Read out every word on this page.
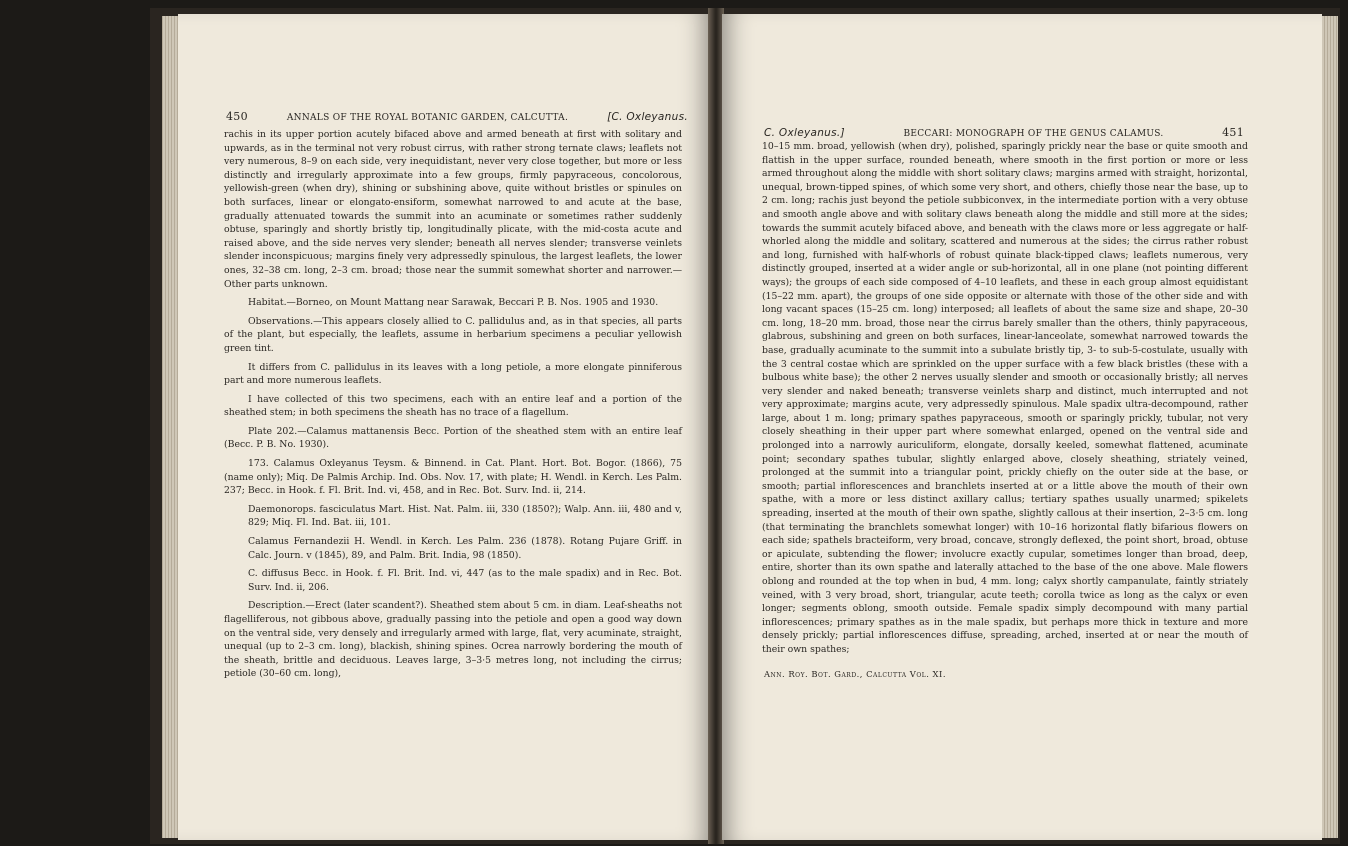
450	ANNALS OF THE ROYAL BOTANIC GARDEN, CALCUTTA.	[C. Oxleyanus.

rachis in its upper portion acutely bifaced above and armed beneath at first with solitary and upwards, as in the terminal not very robust cirrus, with rather strong ternate claws; leaflets not very numerous, 8–9 on each side, very inequidistant, never very close together, but more or less distinctly and irregularly approximate into a few groups, firmly papyraceous, concolorous, yellowish-green (when dry), shining or subshining above, quite without bristles or spinules on both surfaces, linear or elongato-ensiform, somewhat narrowed to and acute at the base, gradually attenuated towards the summit into an acuminate or sometimes rather suddenly obtuse, sparingly and shortly bristly tip, longitudinally plicate, with the mid-costa acute and raised above, and the side nerves very slender; beneath all nerves slender; transverse veinlets slender inconspicuous; margins finely very adpressedly spinulous, the largest leaflets, the lower ones, 32–38 cm. long, 2–3 cm. broad; those near the summit somewhat shorter and narrower.—Other parts unknown.

Habitat.—Borneo, on Mount Mattang near Sarawak, Beccari P. B. Nos. 1905 and 1930.

Observations.—This appears closely allied to C. pallidulus and, as in that species, all parts of the plant, but especially, the leaflets, assume in herbarium specimens a peculiar yellowish green tint.

It differs from C. pallidulus in its leaves with a long petiole, a more elongate pinniferous part and more numerous leaflets.

I have collected of this two specimens, each with an entire leaf and a portion of the sheathed stem; in both specimens the sheath has no trace of a flagellum.

Plate 202.—Calamus mattanensis Becc. Portion of the sheathed stem with an entire leaf (Becc. P. B. No. 1930).

173. Calamus Oxleyanus Teysm. & Binnend. in Cat. Plant. Hort. Bot. Bogor. (1866), 75 (name only); Miq. De Palmis Archip. Ind. Obs. Nov. 17, with plate; H. Wendl. in Kerch. Les Palm. 237; Becc. in Hook. f. Fl. Brit. Ind. vi, 458, and in Rec. Bot. Surv. Ind. ii, 214.

Daemonorops. fasciculatus Mart. Hist. Nat. Palm. iii, 330 (1850?); Walp. Ann. iii, 480 and v, 829; Miq. Fl. Ind. Bat. iii, 101.

Calamus Fernandezii H. Wendl. in Kerch. Les Palm. 236 (1878). Rotang Pujare Griff. in Calc. Journ. v (1845), 89, and Palm. Brit. India, 98 (1850).

C. diffusus Becc. in Hook. f. Fl. Brit. Ind. vi, 447 (as to the male spadix) and in Rec. Bot. Surv. Ind. ii, 206.

Description.—Erect (later scandent?). Sheathed stem about 5 cm. in diam. Leaf-sheaths not flagelliferous, not gibbous above, gradually passing into the petiole and open a good way down on the ventral side, very densely and irregularly armed with large, flat, very acuminate, straight, unequal (up to 2–3 cm. long), blackish, shining spines. Ocrea narrowly bordering the mouth of the sheath, brittle and deciduous. Leaves large, 3–3·5 metres long, not including the cirrus; petiole (30–60 cm. long),

C. Oxleyanus.]	BECCARI: MONOGRAPH OF THE GENUS CALAMUS.	451

10–15 mm. broad, yellowish (when dry), polished, sparingly prickly near the base or quite smooth and flattish in the upper surface, rounded beneath, where smooth in the first portion or more or less armed throughout along the middle with short solitary claws; margins armed with straight, horizontal, unequal, brown-tipped spines, of which some very short, and others, chiefly those near the base, up to 2 cm. long; rachis just beyond the petiole subbiconvex, in the intermediate portion with a very obtuse and smooth angle above and with solitary claws beneath along the middle and still more at the sides; towards the summit acutely bifaced above, and beneath with the claws more or less aggregate or half-whorled along the middle and solitary, scattered and numerous at the sides; the cirrus rather robust and long, furnished with half-whorls of robust quinate black-tipped claws; leaflets numerous, very distinctly grouped, inserted at a wider angle or sub-horizontal, all in one plane (not pointing different ways); the groups of each side composed of 4–10 leaflets, and these in each group almost equidistant (15–22 mm. apart), the groups of one side opposite or alternate with those of the other side and with long vacant spaces (15–25 cm. long) interposed; all leaflets of about the same size and shape, 20–30 cm. long, 18–20 mm. broad, those near the cirrus barely smaller than the others, thinly papyraceous, glabrous, subshining and green on both surfaces, linear-lanceolate, somewhat narrowed towards the base, gradually acuminate to the summit into a subulate bristly tip, 3- to sub-5-costulate, usually with the 3 central costae which are sprinkled on the upper surface with a few black bristles (these with a bulbous white base); the other 2 nerves usually slender and smooth or occasionally bristly; all nerves very slender and naked beneath; transverse veinlets sharp and distinct, much interrupted and not very approximate; margins acute, very adpressedly spinulous. Male spadix ultra-decompound, rather large, about 1 m. long; primary spathes papyraceous, smooth or sparingly prickly, tubular, not very closely sheathing in their upper part where somewhat enlarged, opened on the ventral side and prolonged into a narrowly auriculiform, elongate, dorsally keeled, somewhat flattened, acuminate point; secondary spathes tubular, slightly enlarged above, closely sheathing, striately veined, prolonged at the summit into a triangular point, prickly chiefly on the outer side at the base, or smooth; partial inflorescences and branchlets inserted at or a little above the mouth of their own spathe, with a more or less distinct axillary callus; tertiary spathes usually unarmed; spikelets spreading, inserted at the mouth of their own spathe, slightly callous at their insertion, 2–3·5 cm. long (that terminating the branchlets somewhat longer) with 10–16 horizontal flatly bifarious flowers on each side; spathels bracteiform, very broad, concave, strongly deflexed, the point short, broad, obtuse or apiculate, subtending the flower; involucre exactly cupular, sometimes longer than broad, deep, entire, shorter than its own spathe and laterally attached to the base of the one above. Male flowers oblong and rounded at the top when in bud, 4 mm. long; calyx shortly campanulate, faintly striately veined, with 3 very broad, short, triangular, acute teeth; corolla twice as long as the calyx or even longer; segments oblong, smooth outside. Female spadix simply decompound with many partial inflorescences; primary spathes as in the male spadix, but perhaps more thick in texture and more densely prickly; partial inflorescences diffuse, spreading, arched, inserted at or near the mouth of their own spathes;

Ann. Roy. Bot. Gard., Calcutta Vol. XI.
